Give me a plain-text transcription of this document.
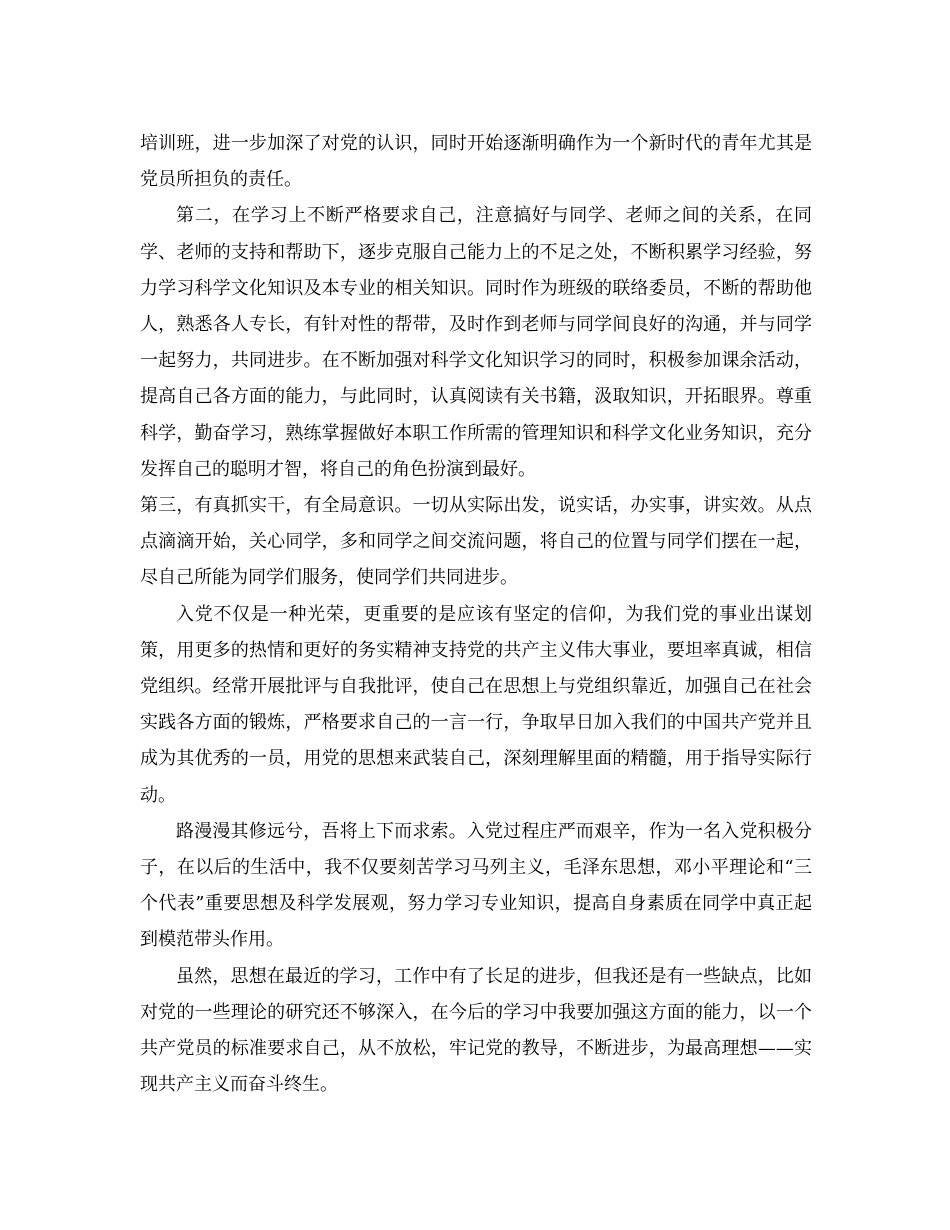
培训班，进一步加深了对党的认识，同时开始逐渐明确作为一个新时代的青年尤其是党员所担负的责任。

第二，在学习上不断严格要求自己，注意搞好与同学、老师之间的关系，在同学、老师的支持和帮助下，逐步克服自己能力上的不足之处，不断积累学习经验，努力学习科学文化知识及本专业的相关知识。同时作为班级的联络委员，不断的帮助他人，熟悉各人专长，有针对性的帮带，及时作到老师与同学间良好的沟通，并与同学一起努力，共同进步。在不断加强对科学文化知识学习的同时，积极参加课余活动，提高自己各方面的能力，与此同时，认真阅读有关书籍，汲取知识，开拓眼界。尊重科学，勤奋学习，熟练掌握做好本职工作所需的管理知识和科学文化业务知识，充分发挥自己的聪明才智，将自己的角色扮演到最好。

第三，有真抓实干，有全局意识。一切从实际出发，说实话，办实事，讲实效。从点点滴滴开始，关心同学，多和同学之间交流问题，将自己的位置与同学们摆在一起，尽自己所能为同学们服务，使同学们共同进步。

入党不仅是一种光荣，更重要的是应该有坚定的信仰，为我们党的事业出谋划策，用更多的热情和更好的务实精神支持党的共产主义伟大事业，要坦率真诚，相信党组织。经常开展批评与自我批评，使自己在思想上与党组织靠近，加强自己在社会实践各方面的锻炼，严格要求自己的一言一行，争取早日加入我们的中国共产党并且成为其优秀的一员，用党的思想来武装自己，深刻理解里面的精髓，用于指导实际行动。

路漫漫其修远兮，吾将上下而求索。入党过程庄严而艰辛，作为一名入党积极分子，在以后的生活中，我不仅要刻苦学习马列主义，毛泽东思想，邓小平理论和“三个代表”重要思想及科学发展观，努力学习专业知识，提高自身素质在同学中真正起到模范带头作用。

虽然，思想在最近的学习，工作中有了长足的进步，但我还是有一些缺点，比如对党的一些理论的研究还不够深入，在今后的学习中我要加强这方面的能力，以一个共产党员的标准要求自己，从不放松，牢记党的教导，不断进步，为最高理想——实现共产主义而奋斗终生。
